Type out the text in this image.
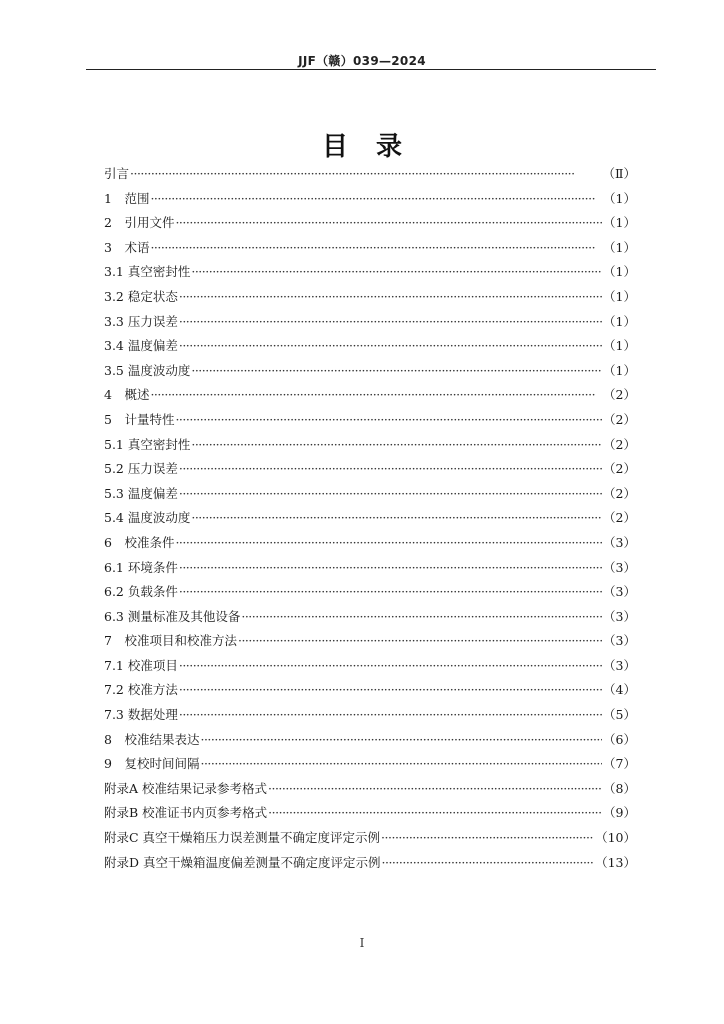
JJF（赣）039—2024
目 录
引言 ·····	（Ⅱ）
1　范围 ·····	（1）
2　引用文件 ·····	（1）
3　术语 ·····	（1）
3.1 真空密封性 ·····	（1）
3.2 稳定状态 ·····	（1）
3.3 压力误差 ·····	（1）
3.4 温度偏差 ·····	（1）
3.5 温度波动度 ·····	（1）
4　概述 ·····	（2）
5　计量特性 ·····	（2）
5.1 真空密封性 ·····	（2）
5.2 压力误差 ·····	（2）
5.3 温度偏差 ·····	（2）
5.4 温度波动度 ·····	（2）
6　校准条件 ·····	（3）
6.1 环境条件 ·····	（3）
6.2 负载条件 ·····	（3）
6.3 测量标准及其他设备 ·····	（3）
7　校准项目和校准方法 ·····	（3）
7.1 校准项目 ·····	（3）
7.2 校准方法 ·····	（4）
7.3 数据处理 ·····	（5）
8　校准结果表达 ·····	（6）
9　复校时间间隔 ·····	（7）
附录A 校准结果记录参考格式 ·····	（8）
附录B 校准证书内页参考格式 ·····	（9）
附录C 真空干燥箱压力误差测量不确定度评定示例 ·····	（10）
附录D 真空干燥箱温度偏差测量不确定度评定示例 ·····	（13）
I
